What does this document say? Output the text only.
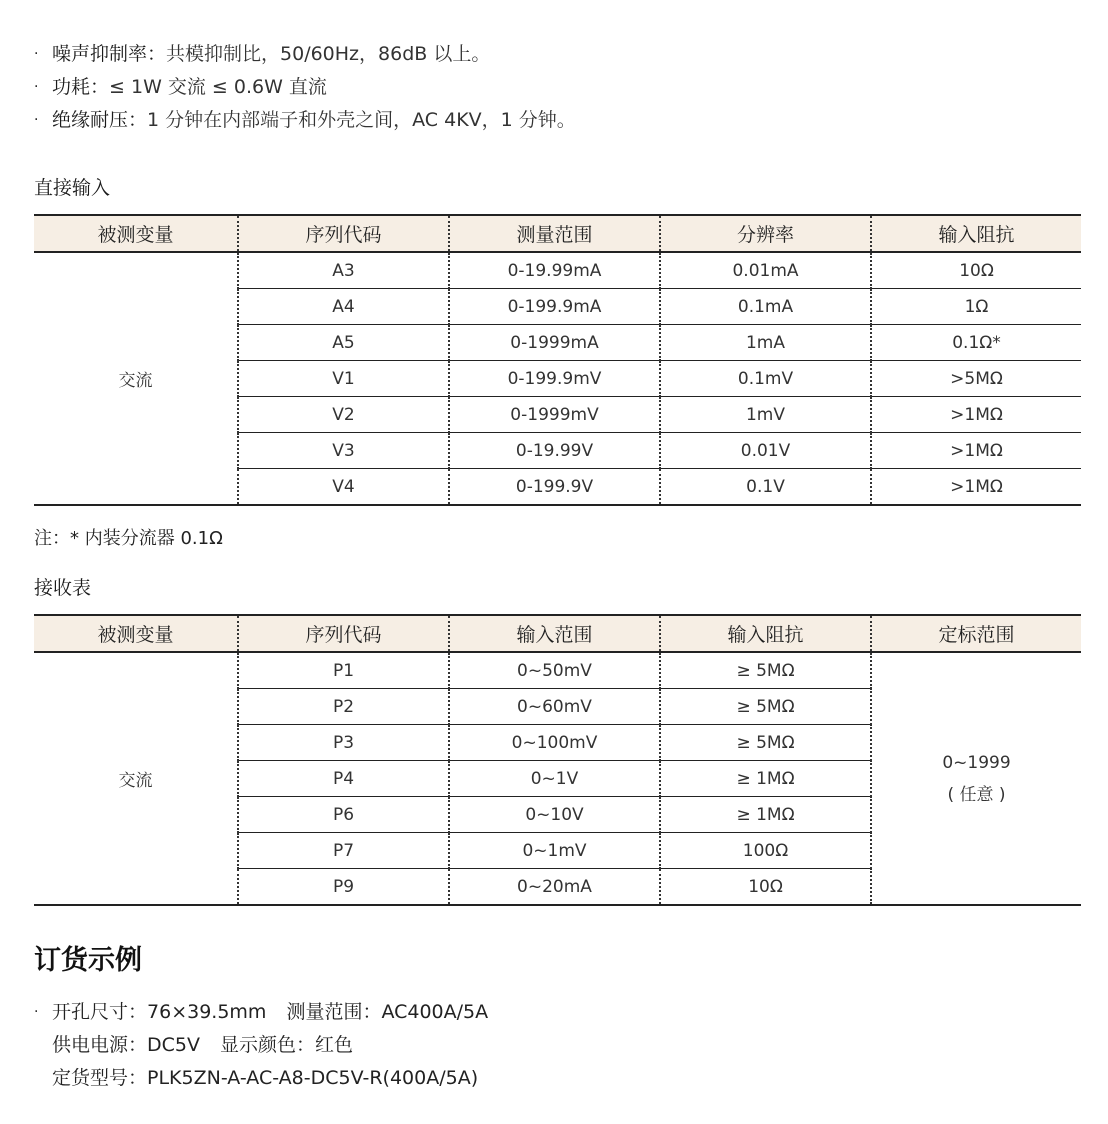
· 噪声抑制率：共模抑制比，50/60Hz，86dB 以上。
· 功耗：≤ 1W 交流 ≤ 0.6W 直流
· 绝缘耐压：1 分钟在内部端子和外壳之间，AC 4KV，1 分钟。
直接输入
被测变量	序列代码	测量范围	分辨率	输入阻抗
交流	A3	0-19.99mA	0.01mA	10Ω
	A4	0-199.9mA	0.1mA	1Ω
	A5	0-1999mA	1mA	0.1Ω*
	V1	0-199.9mV	0.1mV	>5MΩ
	V2	0-1999mV	1mV	>1MΩ
	V3	0-19.99V	0.01V	>1MΩ
	V4	0-199.9V	0.1V	>1MΩ
注：* 内装分流器 0.1Ω
接收表
被测变量	序列代码	输入范围	输入阻抗	定标范围
交流	P1	0~50mV	≥ 5MΩ	0~1999
( 任意 )

	P2	0~60mV	≥ 5MΩ	
	P3	0~100mV	≥ 5MΩ	
	P4	0~1V	≥ 1MΩ	
	P6	0~10V	≥ 1MΩ	
	P7	0~1mV	100Ω	
	P9	0~20mA	10Ω	
订货示例
· 开孔尺寸：76×39.5mm 测量范围：AC400A/5A
供电电源：DC5V 显示颜色：红色
定货型号：PLK5ZN-A-AC-A8-DC5V-R(400A/5A)
